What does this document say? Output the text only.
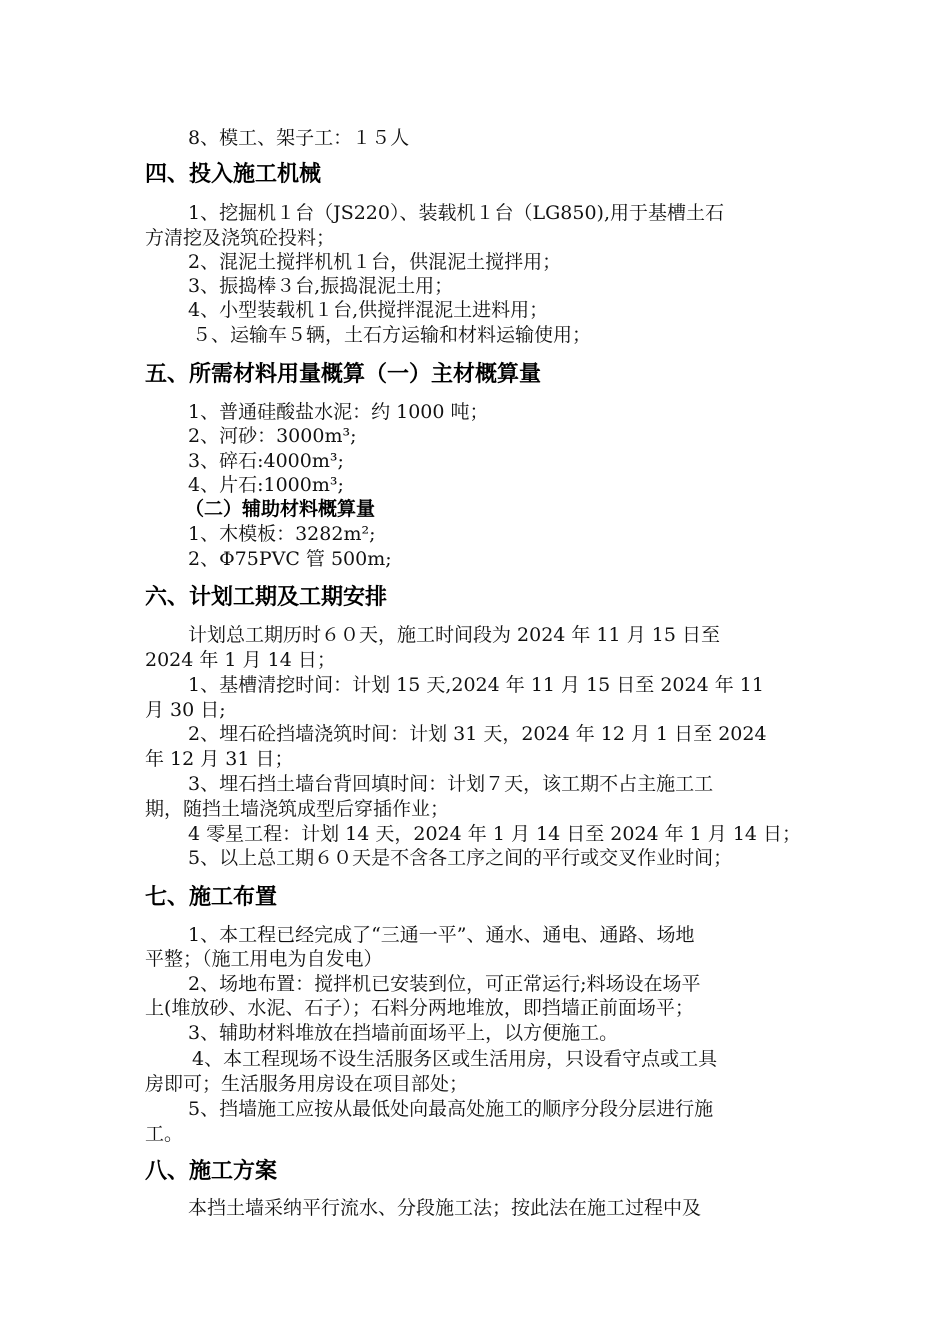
8、模工、架子工：１５人
四、投入施工机械
1、挖掘机１台（JS220）、装载机１台（LG850),用于基槽土石
方清挖及浇筑砼投料；
2、混泥土搅拌机机１台，供混泥土搅拌用；
3、振捣棒３台,振捣混泥土用；
4、小型装载机１台,供搅拌混泥土进料用；
５、运输车５辆，土石方运输和材料运输使用；
五、所需材料用量概算（一）主材概算量
1、普通硅酸盐水泥：约 1000 吨；
2、河砂：3000m³;
3、碎石:4000m³;
4、片石:1000m³;
（二）辅助材料概算量
1、木模板：3282m²;
2、Φ75PVC 管 500m;
六、计划工期及工期安排
计划总工期历时６０天，施工时间段为 2024 年 11 月 15 日至
2024 年 1 月 14 日；
1、基槽清挖时间：计划 15 天,2024 年 11 月 15 日至 2024 年 11
月 30 日;
2、埋石砼挡墙浇筑时间：计划 31 天，2024 年 12 月 1 日至 2024
年 12 月 31 日；
3、埋石挡土墙台背回填时间：计划７天，该工期不占主施工工
期，随挡土墙浇筑成型后穿插作业；
4 零星工程：计划 14 天，2024 年 1 月 14 日至 2024 年 1 月 14 日；
5、以上总工期６０天是不含各工序之间的平行或交叉作业时间；
七、施工布置
1、本工程已经完成了“三通一平”、通水、通电、通路、场地
平整；（施工用电为自发电）
2、场地布置：搅拌机已安装到位，可正常运行;料场设在场平
上(堆放砂、水泥、石子）；石料分两地堆放，即挡墙正前面场平；
3、辅助材料堆放在挡墙前面场平上，以方便施工。
4、本工程现场不设生活服务区或生活用房，只设看守点或工具
房即可；生活服务用房设在项目部处；
5、挡墙施工应按从最低处向最高处施工的顺序分段分层进行施
工。
八、施工方案
本挡土墙采纳平行流水、分段施工法；按此法在施工过程中及
